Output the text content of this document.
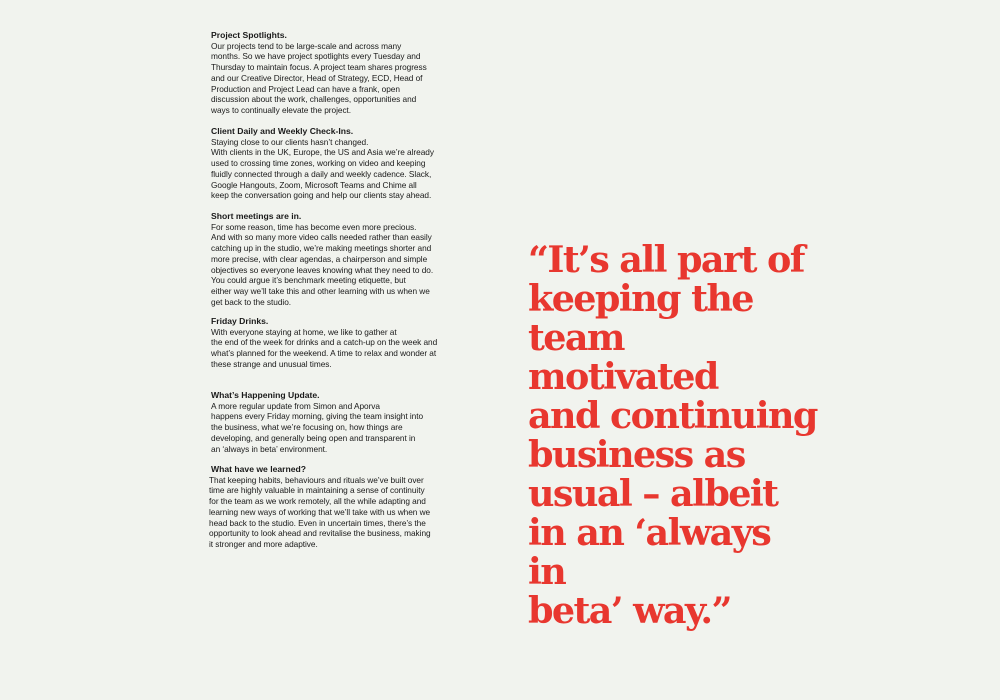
Project Spotlights.

Our projects tend to be large-scale and across many
months. So we have project spotlights every Tuesday and
Thursday to maintain focus. A project team shares progress
and our Creative Director, Head of Strategy, ECD, Head of
Production and Project Lead can have a frank, open
discussion about the work, challenges, opportunities and
ways to continually elevate the project.

Client Daily and Weekly Check-Ins.

Staying close to our clients hasn’t changed.
With clients in the UK, Europe, the US and Asia we’re already
used to crossing time zones, working on video and keeping
fluidly connected through a daily and weekly cadence. Slack,
Google Hangouts, Zoom, Microsoft Teams and Chime all
keep the conversation going and help our clients stay ahead.

Short meetings are in.

For some reason, time has become even more precious.
And with so many more video calls needed rather than easily
catching up in the studio, we’re making meetings shorter and
more precise, with clear agendas, a chairperson and simple
objectives so everyone leaves knowing what they need to do.
You could argue it’s benchmark meeting etiquette, but
either way we’ll take this and other learning with us when we
get back to the studio.

Friday Drinks.

With everyone staying at home, we like to gather at
the end of the week for drinks and a catch-up on the week and
what’s planned for the weekend. A time to relax and wonder at
these strange and unusual times.

What’s Happening Update.

A more regular update from Simon and Aporva
happens every Friday morning, giving the team insight into
the business, what we’re focusing on, how things are
developing, and generally being open and transparent in
an ‘always in beta’ environment.

What have we learned?

That keeping habits, behaviours and rituals we’ve built over
time are highly valuable in maintaining a sense of continuity
for the team as we work remotely, all the while adapting and
learning new ways of working that we’ll take with us when we
head back to the studio. Even in uncertain times, there’s the
opportunity to look ahead and revitalise the business, making
it stronger and more adaptive.

“It’s all part of
keeping the
team motivated
and continuing
business as
usual – albeit
in an ‘always in
beta’ way.”
